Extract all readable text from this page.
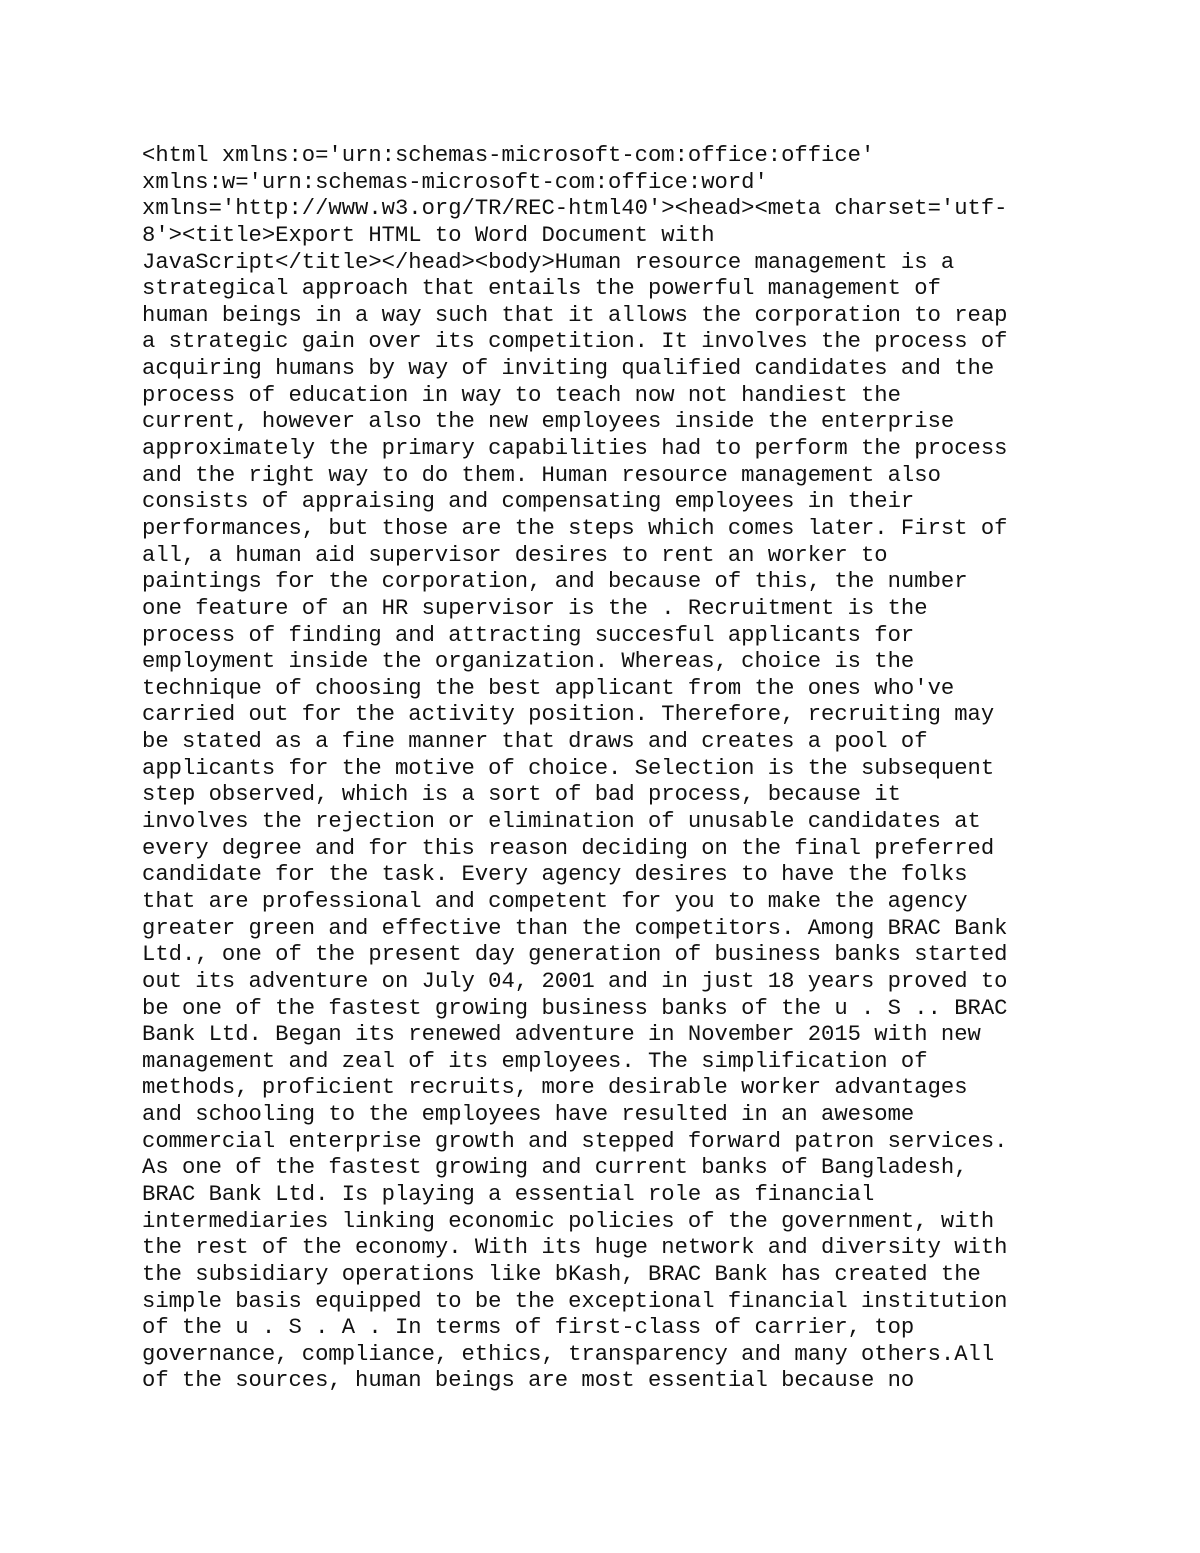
<html xmlns:o='urn:schemas-microsoft-com:office:office'
xmlns:w='urn:schemas-microsoft-com:office:word'
xmlns='http://www.w3.org/TR/REC-html40'><head><meta charset='utf-
8'><title>Export HTML to Word Document with
JavaScript</title></head><body>Human resource management is a
strategical approach that entails the powerful management of
human beings in a way such that it allows the corporation to reap
a strategic gain over its competition. It involves the process of
acquiring humans by way of inviting qualified candidates and the
process of education in way to teach now not handiest the
current, however also the new employees inside the enterprise
approximately the primary capabilities had to perform the process
and the right way to do them. Human resource management also
consists of appraising and compensating employees in their
performances, but those are the steps which comes later. First of
all, a human aid supervisor desires to rent an worker to
paintings for the corporation, and because of this, the number
one feature of an HR supervisor is the . Recruitment is the
process of finding and attracting succesful applicants for
employment inside the organization. Whereas, choice is the
technique of choosing the best applicant from the ones who've
carried out for the activity position. Therefore, recruiting may
be stated as a fine manner that draws and creates a pool of
applicants for the motive of choice. Selection is the subsequent
step observed, which is a sort of bad process, because it
involves the rejection or elimination of unusable candidates at
every degree and for this reason deciding on the final preferred
candidate for the task. Every agency desires to have the folks
that are professional and competent for you to make the agency
greater green and effective than the competitors. Among BRAC Bank
Ltd., one of the present day generation of business banks started
out its adventure on July 04, 2001 and in just 18 years proved to
be one of the fastest growing business banks of the u . S .. BRAC
Bank Ltd. Began its renewed adventure in November 2015 with new
management and zeal of its employees. The simplification of
methods, proficient recruits, more desirable worker advantages
and schooling to the employees have resulted in an awesome
commercial enterprise growth and stepped forward patron services.
As one of the fastest growing and current banks of Bangladesh,
BRAC Bank Ltd. Is playing a essential role as financial
intermediaries linking economic policies of the government, with
the rest of the economy. With its huge network and diversity with
the subsidiary operations like bKash, BRAC Bank has created the
simple basis equipped to be the exceptional financial institution
of the u . S . A . In terms of first-class of carrier, top
governance, compliance, ethics, transparency and many others.All
of the sources, human beings are most essential because no
